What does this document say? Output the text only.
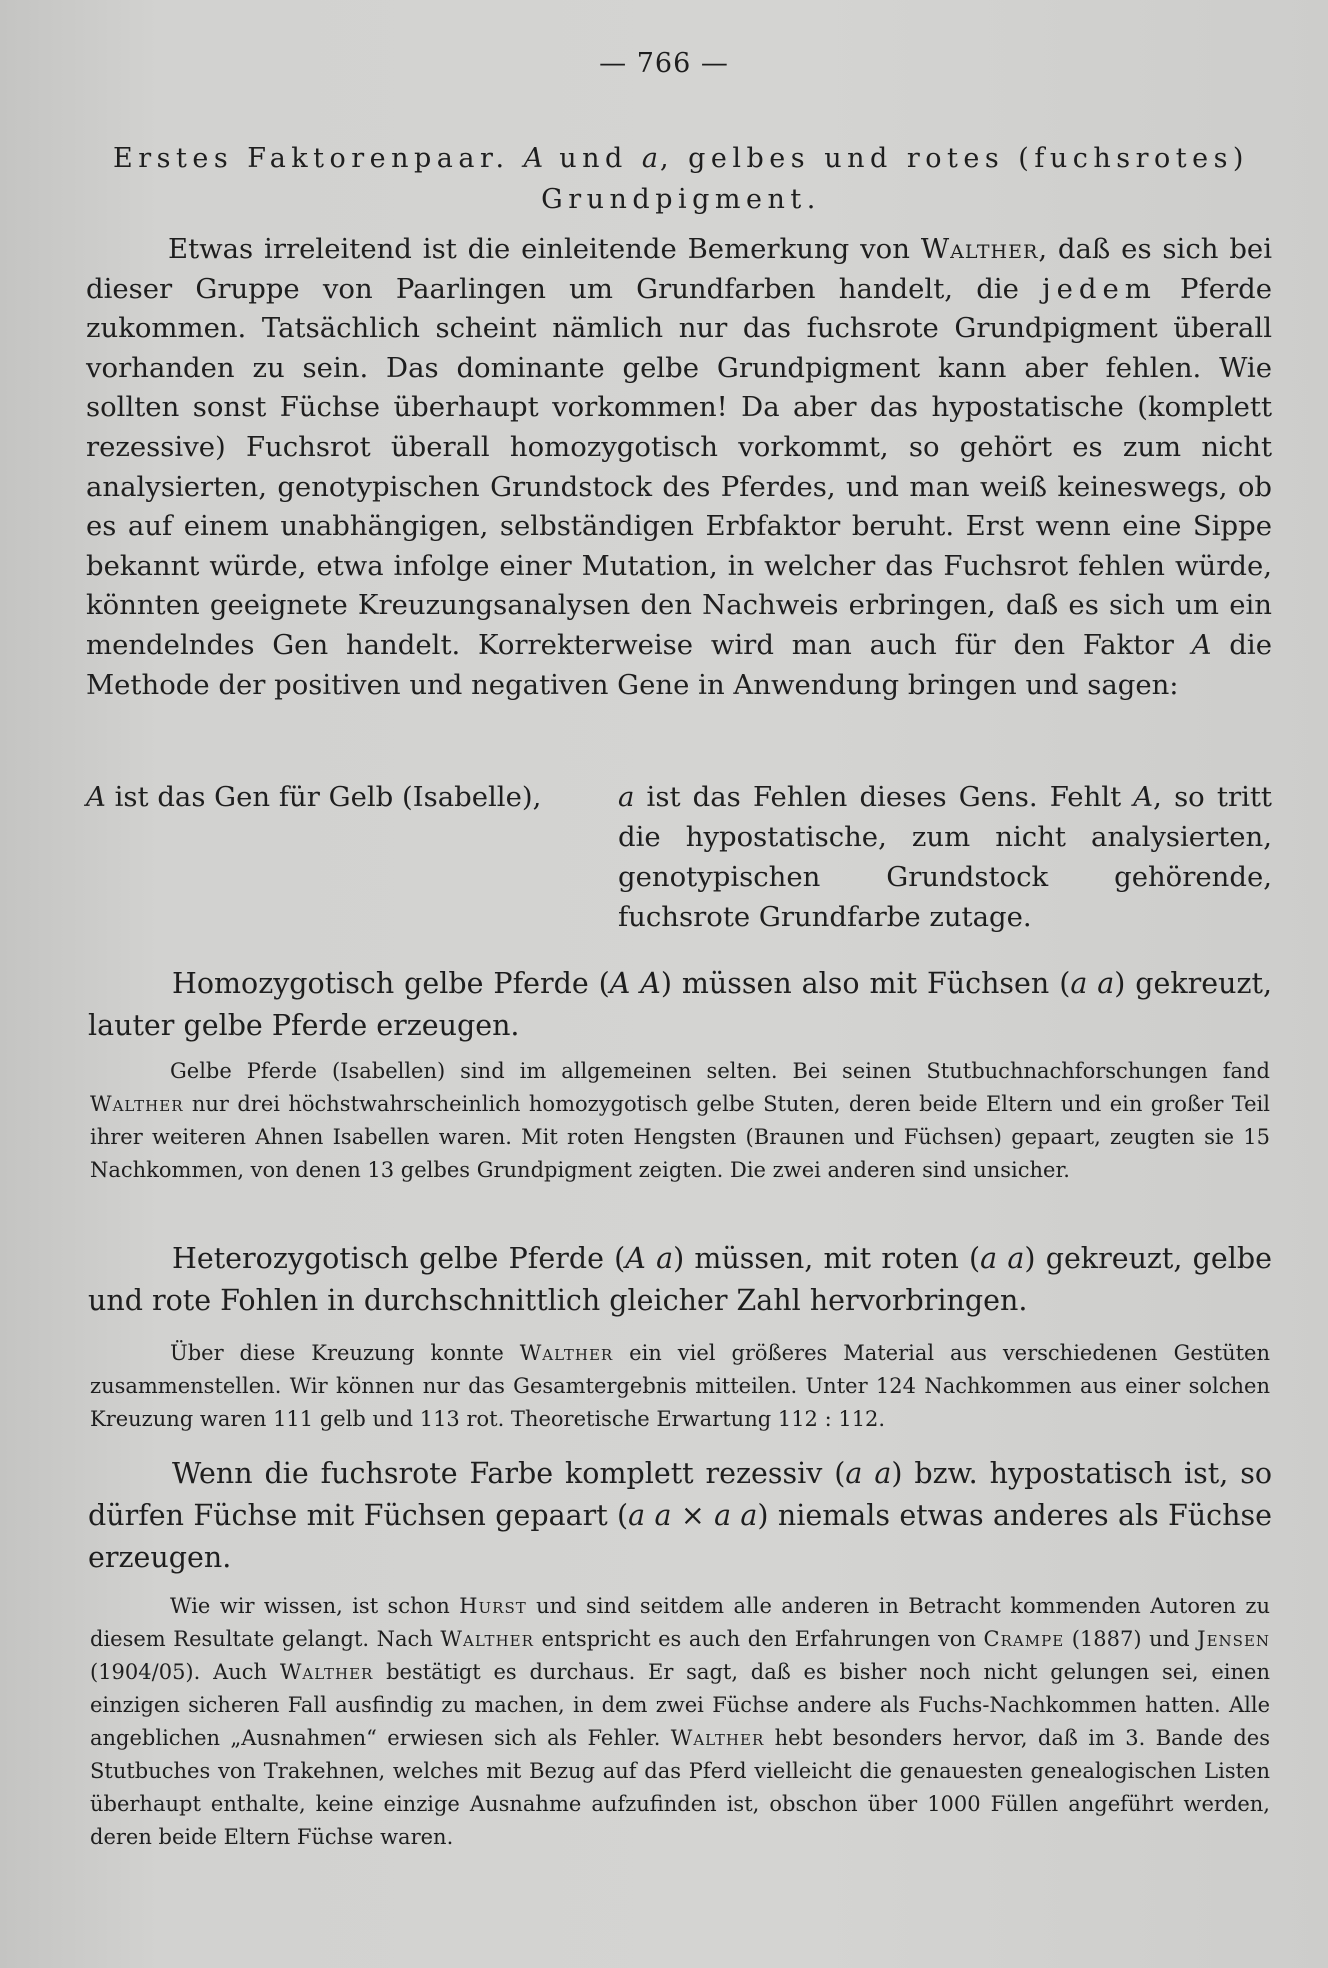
— 766 —
Erstes Faktorenpaar. A und a, gelbes und rotes (fuchsrotes) Grundpigment.

Etwas irreleitend ist die einleitende Bemerkung von Walther, daß es sich bei dieser Gruppe von Paarlingen um Grundfarben handelt, die jedem Pferde zukommen. Tatsächlich scheint nämlich nur das fuchsrote Grundpigment überall vorhanden zu sein. Das dominante gelbe Grundpigment kann aber fehlen. Wie sollten sonst Füchse überhaupt vorkommen! Da aber das hypostatische (komplett rezessive) Fuchsrot überall homozygotisch vorkommt, so gehört es zum nicht analysierten, genotypischen Grundstock des Pferdes, und man weiß keineswegs, ob es auf einem unabhängigen, selbständigen Erbfaktor beruht. Erst wenn eine Sippe bekannt würde, etwa infolge einer Mutation, in welcher das Fuchsrot fehlen würde, könnten geeignete Kreuzungsanalysen den Nachweis erbringen, daß es sich um ein mendelndes Gen handelt. Korrekterweise wird man auch für den Faktor A die Methode der positiven und negativen Gene in Anwendung bringen und sagen:

A ist das Gen für Gelb (Isabelle),	a ist das Fehlen dieses Gens. Fehlt A, so tritt die hypostatische, zum nicht analysierten, genotypischen Grundstock gehörende, fuchsrote Grundfarbe zutage.

Homozygotisch gelbe Pferde (A A) müssen also mit Füchsen (a a) gekreuzt, lauter gelbe Pferde erzeugen.

Gelbe Pferde (Isabellen) sind im allgemeinen selten. Bei seinen Stutbuchnachforschungen fand Walther nur drei höchstwahrscheinlich homozygotisch gelbe Stuten, deren beide Eltern und ein großer Teil ihrer weiteren Ahnen Isabellen waren. Mit roten Hengsten (Braunen und Füchsen) gepaart, zeugten sie 15 Nachkommen, von denen 13 gelbes Grundpigment zeigten. Die zwei anderen sind unsicher.

Heterozygotisch gelbe Pferde (A a) müssen, mit roten (a a) gekreuzt, gelbe und rote Fohlen in durchschnittlich gleicher Zahl hervorbringen.

Über diese Kreuzung konnte Walther ein viel größeres Material aus verschiedenen Gestüten zusammenstellen. Wir können nur das Gesamtergebnis mitteilen. Unter 124 Nachkommen aus einer solchen Kreuzung waren 111 gelb und 113 rot. Theoretische Erwartung 112 : 112.

Wenn die fuchsrote Farbe komplett rezessiv (a a) bzw. hypostatisch ist, so dürfen Füchse mit Füchsen gepaart (a a × a a) niemals etwas anderes als Füchse erzeugen.

Wie wir wissen, ist schon Hurst und sind seitdem alle anderen in Betracht kommenden Autoren zu diesem Resultate gelangt. Nach Walther entspricht es auch den Erfahrungen von Crampe (1887) und Jensen (1904/05). Auch Walther bestätigt es durchaus. Er sagt, daß es bisher noch nicht gelungen sei, einen einzigen sicheren Fall ausfindig zu machen, in dem zwei Füchse andere als Fuchs-Nachkommen hatten. Alle angeblichen „Ausnahmen“ erwiesen sich als Fehler. Walther hebt besonders hervor, daß im 3. Bande des Stutbuches von Trakehnen, welches mit Bezug auf das Pferd vielleicht die genauesten genealogischen Listen überhaupt enthalte, keine einzige Ausnahme aufzufinden ist, obschon über 1000 Füllen angeführt werden, deren beide Eltern Füchse waren.
